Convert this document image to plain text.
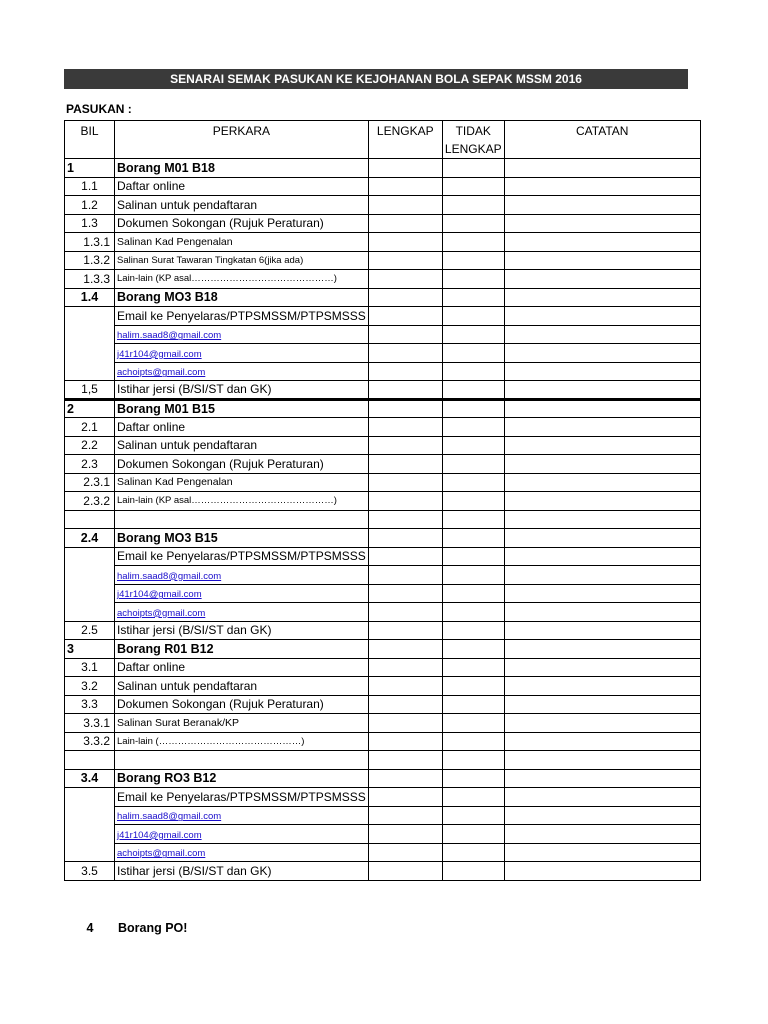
SENARAI SEMAK PASUKAN KE KEJOHANAN BOLA SEPAK MSSM 2016
PASUKAN :
BIL	PERKARA	LENGKAP	TIDAK LENGKAP	CATATAN
1	Borang M01 B18			
1.1	Daftar online			
1.2	Salinan untuk pendaftaran			
1.3	Dokumen Sokongan (Rujuk Peraturan)			
1.3.1	Salinan Kad Pengenalan			
1.3.2	Salinan Surat Tawaran Tingkatan 6(jika ada)			
1.3.3	Lain-lain (KP asal………………………………………)			
1.4	Borang MO3 B18			
	Email ke Penyelaras/PTPSMSSM/PTPSMSSS			
	halim.saad8@gmail.com			
	j41r104@gmail.com			
	achoipts@gmail.com			
1,5	Istihar jersi (B/SI/ST dan GK)			
2	Borang M01 B15			
2.1	Daftar online			
2.2	Salinan untuk pendaftaran			
2.3	Dokumen Sokongan (Rujuk Peraturan)			
2.3.1	Salinan Kad Pengenalan			
2.3.2	Lain-lain (KP asal………………………………………)			

2.4	Borang MO3 B15			
	Email ke Penyelaras/PTPSMSSM/PTPSMSSS			
	halim.saad8@gmail.com			
	j41r104@gmail.com			
	achoipts@gmail.com			
2.5	Istihar jersi (B/SI/ST dan GK)			
3	Borang R01 B12			
3.1	Daftar online			
3.2	Salinan untuk pendaftaran			
3.3	Dokumen Sokongan (Rujuk Peraturan)			
3.3.1	Salinan Surat Beranak/KP			
3.3.2	Lain-lain (………………………………………)			

3.4	Borang RO3 B12			
	Email ke Penyelaras/PTPSMSSM/PTPSMSSS			
	halim.saad8@gmail.com			
	j41r104@gmail.com			
	achoipts@gmail.com			
3.5	Istihar jersi (B/SI/ST dan GK)			
4	Borang PO!
